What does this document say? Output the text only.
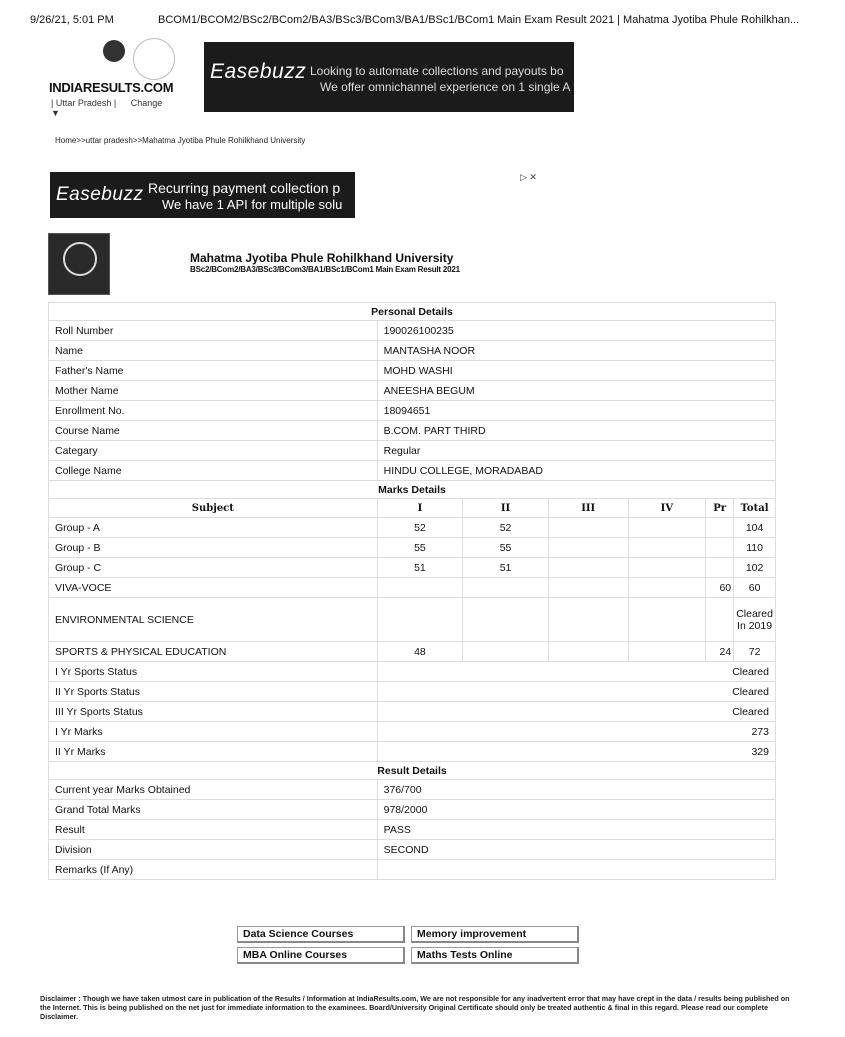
9/26/21, 5:01 PM	BCOM1/BCOM2/BSc2/BCom2/BA3/BSc3/BCom3/BA1/BSc1/BCom1 Main Exam Result 2021 | Mahatma Jyotiba Phule Rohilkhan...
INDIARESULTS.COM
| Uttar Pradesh | Change ▼
Easebuzz Looking to automate collections and payouts bo
We offer omnichannel experience on 1 single A
Home>>uttar pradesh>>Mahatma Jyotiba Phule Rohilkhand University
Easebuzz Recurring payment collection p
We have 1 API for multiple solu
▷ ✕
Mahatma Jyotiba Phule Rohilkhand University
BSc2/BCom2/BA3/BSc3/BCom3/BA1/BSc1/BCom1 Main Exam Result 2021
Personal Details						
Roll Number	190026100235					
Name	MANTASHA NOOR					
Father's Name	MOHD WASHI					
Mother Name	ANEESHA BEGUM					
Enrollment No.	18094651					
Course Name	B.COM. PART THIRD					
Categary	Regular					
College Name	HINDU COLLEGE, MORADABAD					
Marks Details						
Subject	I	II	III	IV	Pr	Total
Group - A	52	52				104
Group - B	55	55				110
Group - C	51	51				102
VIVA-VOCE					60	60
ENVIRONMENTAL SCIENCE						Cleared In 2019
SPORTS & PHYSICAL EDUCATION	48				24	72
I Yr Sports Status	Cleared					
II Yr Sports Status	Cleared					
III Yr Sports Status	Cleared					
I Yr Marks	273					
II Yr Marks	329					
Result Details						
Current year Marks Obtained	376/700					
Grand Total Marks	978/2000					
Result	PASS					
Division	SECOND					
Remarks (If Any)						
Data Science Courses	Memory improvement
MBA Online Courses	Maths Tests Online
Disclaimer : Though we have taken utmost care in publication of the Results / Information at IndiaResults.com, We are not responsible for any inadvertent error that may have crept in the data / results being published on the Internet. This is being published on the net just for immediate information to the examinees. Board/University Original Certificate should only be treated authentic & final in this regard. Please read our complete Disclaimer.
